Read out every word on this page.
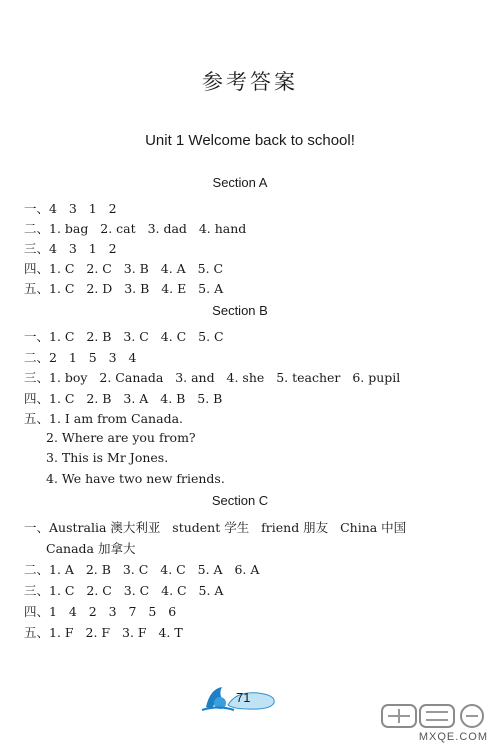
参考答案
Unit 1 Welcome back to school!
Section A
一、4   3   1   2
二、1. bag   2. cat   3. dad   4. hand
三、4   3   1   2
四、1. C   2. C   3. B   4. A   5. C
五、1. C   2. D   3. B   4. E   5. A
Section B
一、1. C   2. B   3. C   4. C   5. C
二、2   1   5   3   4
三、1. boy   2. Canada   3. and   4. she   5. teacher   6. pupil
四、1. C   2. B   3. A   4. B   5. B
五、1. I am from Canada.
2. Where are you from?
3. This is Mr Jones.
4. We have two new friends.
Section C
一、Australia 澳大利亚   student 学生   friend 朋友   China 中国
Canada 加拿大
二、1. A   2. B   3. C   4. C   5. A   6. A
三、1. C   2. C   3. C   4. C   5. A
四、1   4   2   3   7   5   6
五、1. F   2. F   3. F   4. T
71
MXQE.COM
